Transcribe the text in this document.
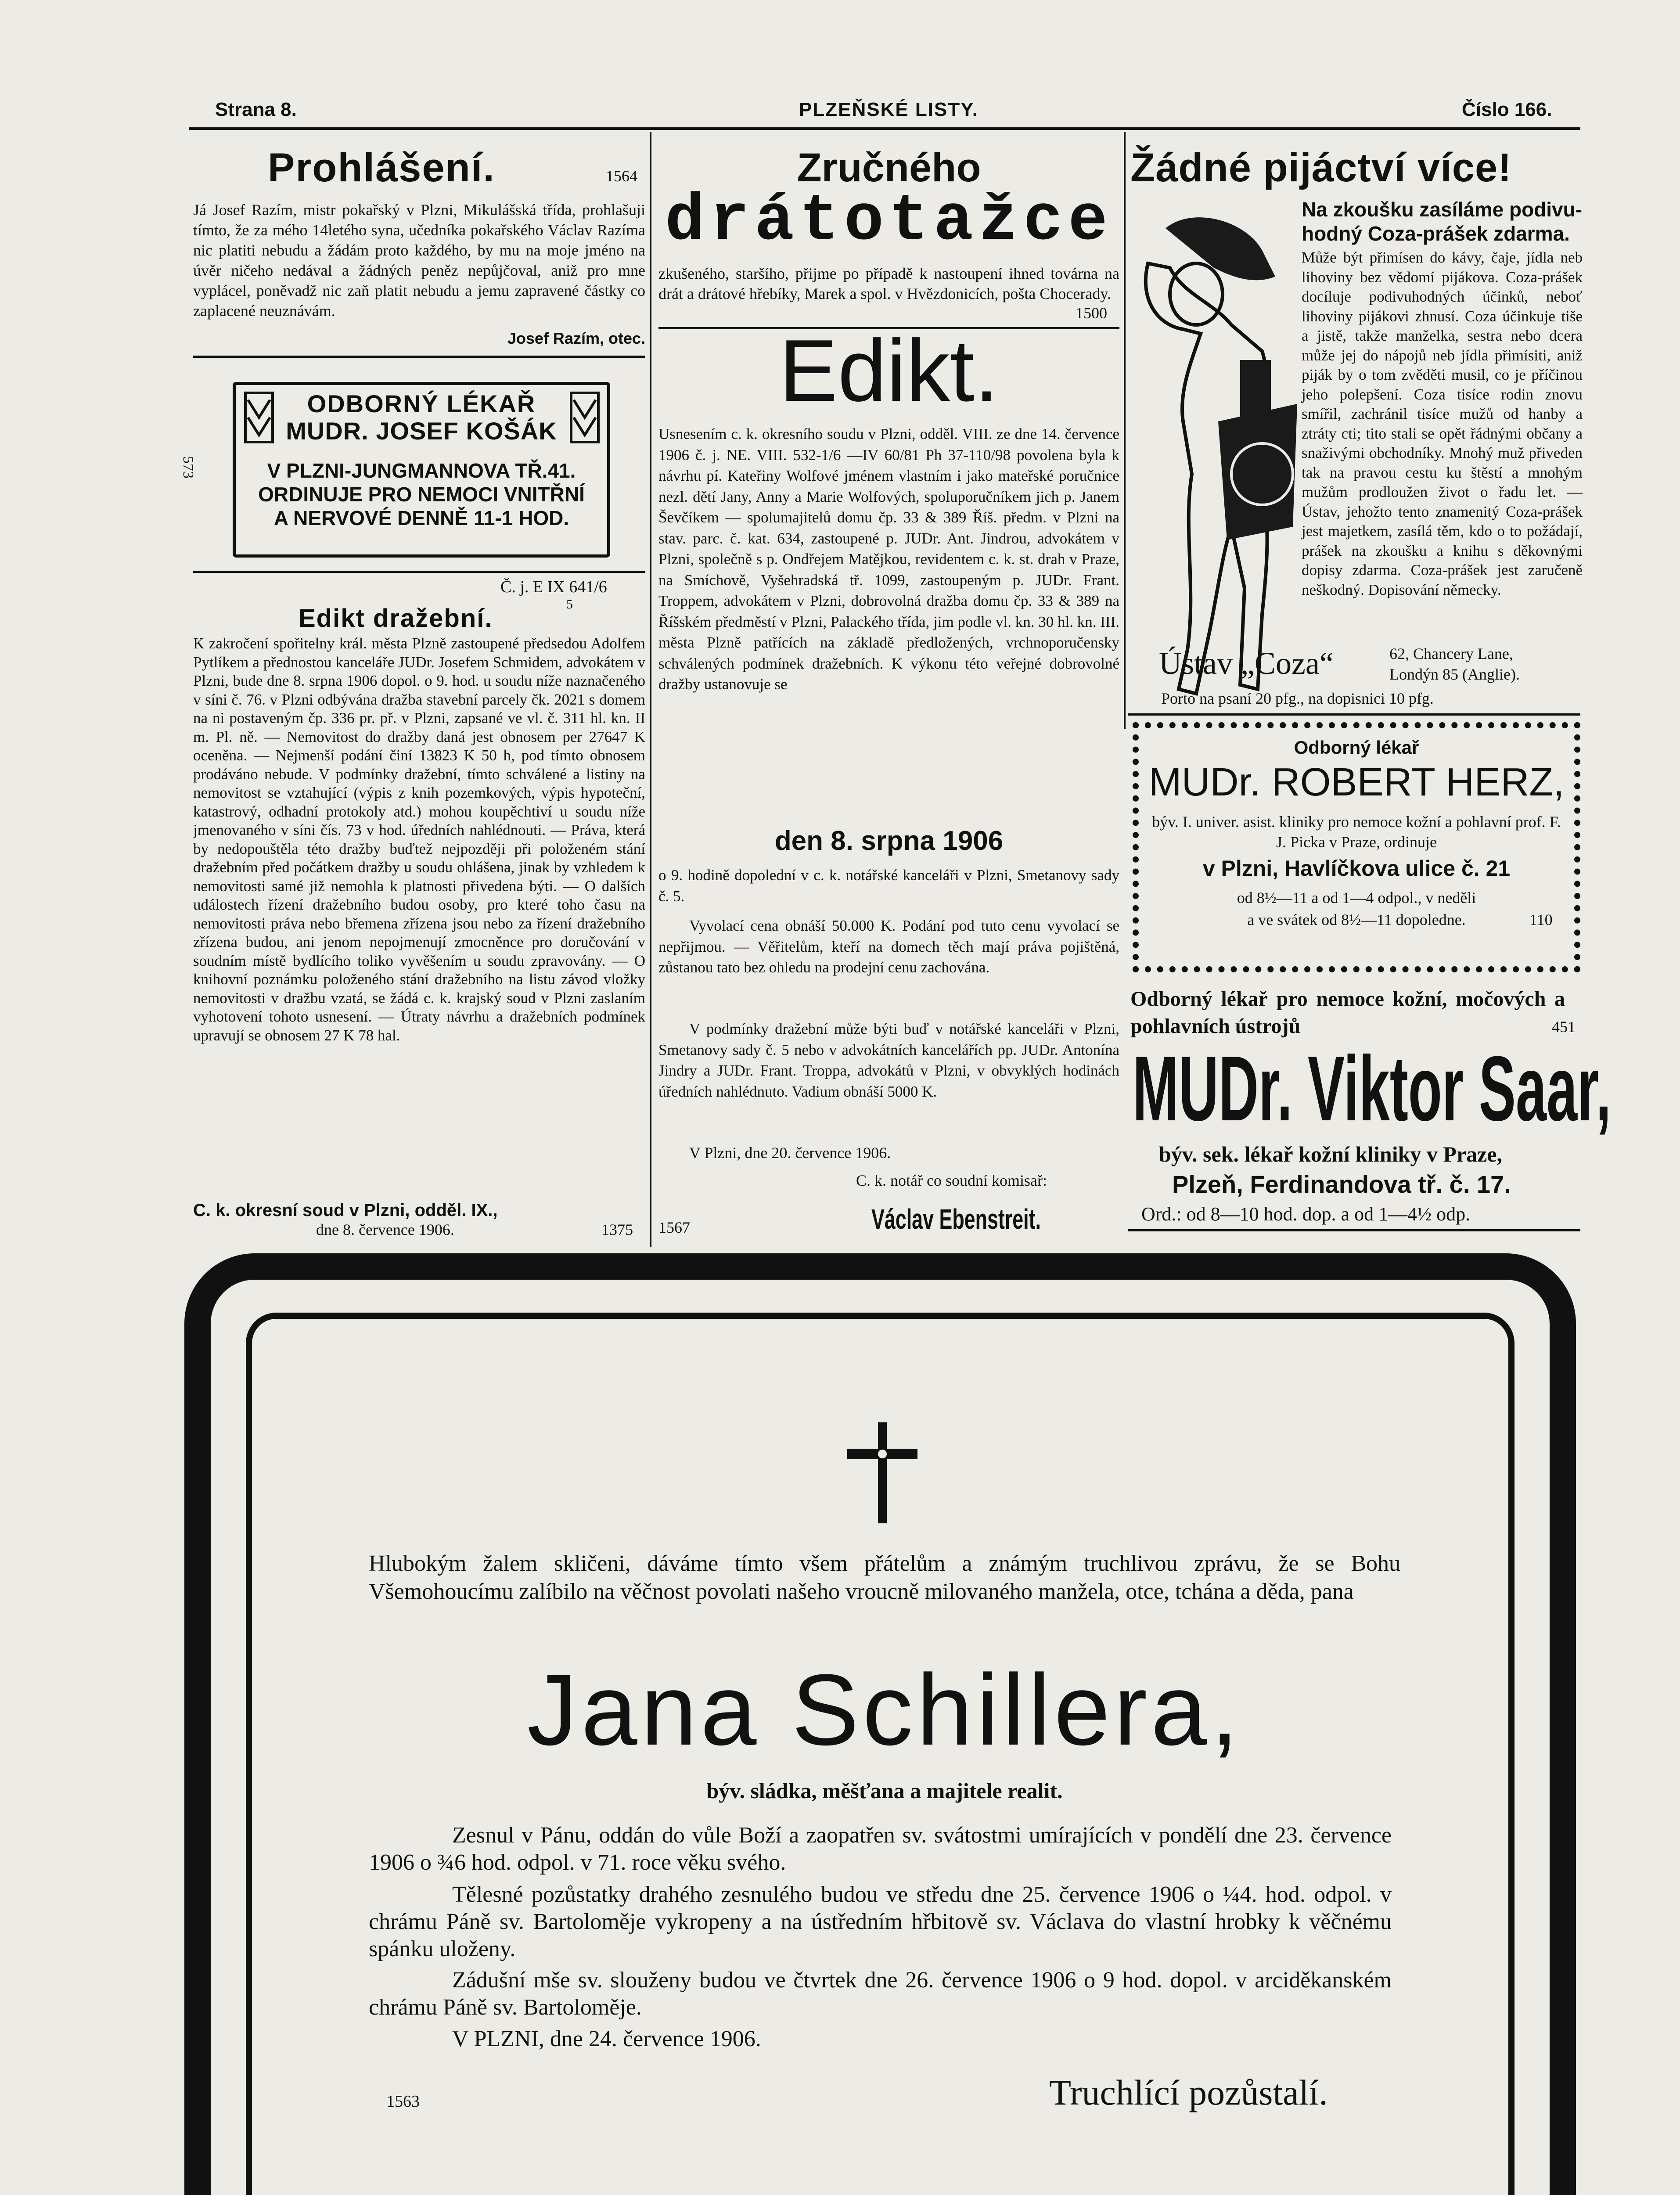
Strana 8.	PLZEŇSKÉ LISTY.	Číslo 166.
Prohlášení.	1564
Já Josef Razím, mistr pokařský v Plzni, Mikulášská třída, prohlašuji tímto, že za mého 14letého syna, učedníka pokařského Václav Razíma nic platiti nebudu a žádám proto každého, by mu na moje jméno na úvěr ničeho nedával a žádných peněz nepůjčoval, aniž pro mne vyplácel, poněvadž nic zaň platit nebudu a jemu zapravené částky co zaplacené neuznávám.
Josef Razím, otec.
573
ODBORNÝ LÉKAŘ
MUDR. JOSEF KOŠÁK
V PLZNI-JUNGMANNOVA TŘ.41.
ORDINUJE PRO NEMOCI VNITŘNÍ
A NERVOVÉ DENNĚ 11-1 HOD.
Č. j. E IX 641/6
5
Edikt dražební.
K zakročení spořitelny král. města Plzně zastoupené předsedou Adolfem Pytlíkem a přednostou kanceláře JUDr. Josefem Schmidem, advokátem v Plzni, bude dne 8. srpna 1906 dopol. o 9. hod. u soudu níže naznačeného v síni č. 76. v Plzni odbývána dražba stavební parcely čk. 2021 s domem na ni postaveným čp. 336 pr. př. v Plzni, zapsané ve vl. č. 311 hl. kn. II m. Pl. ně. — Nemovitost do dražby daná jest obnosem per 27647 K oceněna. — Nejmenší podání činí 13823 K 50 h, pod tímto obnosem prodáváno nebude. V podmínky dražební, tímto schválené a listiny na nemovitost se vztahující (výpis z knih pozemkových, výpis hypoteční, katastrový, odhadní protokoly atd.) mohou koupěchtiví u soudu níže jmenovaného v síni čís. 73 v hod. úředních nahlédnouti. — Práva, která by nedopouštěla této dražby buďtež nejpozději při položeném stání dražebním před počátkem dražby u soudu ohlášena, jinak by vzhledem k nemovitosti samé již nemohla k platnosti přivedena býti. — O dalších událostech řízení dražebního budou osoby, pro které toho času na nemovitosti práva nebo břemena zřízena jsou nebo za řízení dražebního zřízena budou, ani jenom nepojmenují zmocněnce pro doručování v soudním místě bydlícího toliko vyvěšením u soudu zpravovány. — O knihovní poznámku položeného stání dražebního na listu závod vložky nemovitosti v dražbu vzatá, se žádá c. k. krajský soud v Plzni zaslaním vyhotovení tohoto usnesení. — Útraty návrhu a dražebních podmínek upravují se obnosem 27 K 78 hal.
C. k. okresní soud v Plzni, odděl. IX.,
dne 8. července 1906.	1375
Zručného
drátotažce
zkušeného, staršího, přijme po případě k nastoupení ihned továrna na drát a drátové hřebíky, Marek a spol. v Hvězdonicích, pošta Chocerady.
1500
Edikt.
Usnesením c. k. okresního soudu v Plzni, odděl. VIII. ze dne 14. července 1906 č. j. NE. VIII. 532-1/6 —IV 60/81 Ph 37-110/98 povolena byla k návrhu pí. Kateřiny Wolfové jménem vlastním i jako mateřské poručnice nezl. dětí Jany, Anny a Marie Wolfových, spoluporučníkem jich p. Janem Ševčíkem — spolumajitelů domu čp. 33 & 389 Říš. předm. v Plzni na stav. parc. č. kat. 634, zastoupené p. JUDr. Ant. Jindrou, advokátem v Plzni, společně s p. Ondřejem Matějkou, revidentem c. k. st. drah v Praze, na Smíchově, Vyšehradská tř. 1099, zastoupeným p. JUDr. Frant. Troppem, advokátem v Plzni, dobrovolná dražba domu čp. 33 & 389 na Říšském předměstí v Plzni, Palackého třída, jim podle vl. kn. 30 hl. kn. III. města Plzně patřících na základě předložených, vrchnoporučensky schválených podmínek dražebních. K výkonu této veřejné dobrovolné dražby ustanovuje se
den 8. srpna 1906
o 9. hodině dopolední v c. k. notářské kanceláři v Plzni, Smetanovy sady č. 5.
Vyvolací cena obnáší 50.000 K. Podání pod tuto cenu vyvolací se nepřijmou. — Věřitelům, kteří na domech těch mají práva pojištěná, zůstanou tato bez ohledu na prodejní cenu zachována.
V podmínky dražební může býti buď v notářské kanceláři v Plzni, Smetanovy sady č. 5 nebo v advokátních kancelářích pp. JUDr. Antonína Jindry a JUDr. Frant. Troppa, advokátů v Plzni, v obvyklých hodinách úředních nahlédnuto. Vadium obnáší 5000 K.
V Plzni, dne 20. července 1906.
C. k. notář co soudní komisař:
1567	Václav Ebenstreit.
Žádné pijáctví více!
Na zkoušku zasíláme podivu-
hodný Coza-prášek zdarma.
Může být přimísen do kávy, čaje, jídla neb lihoviny bez vědomí pijákova. Coza-prášek docíluje podivuhodných účinků, neboť lihoviny pijákovi zhnusí. Coza účinkuje tiše a jistě, takže manželka, sestra nebo dcera může jej do nápojů neb jídla přimísiti, aniž piják by o tom zvěděti musil, co je příčinou jeho polepšení. Coza tisíce rodin znovu smířil, zachránil tisíce mužů od hanby a ztráty cti; tito stali se opět řádnými občany a snaživými obchodníky. Mnohý muž přiveden tak na pravou cestu ku štěstí a mnohým mužům prodloužen život o řadu let. — Ústav, jehožto tento znamenitý Coza-prášek jest majetkem, zasílá těm, kdo o to požádají, prášek na zkoušku a knihu s děkovnými dopisy zdarma. Coza-prášek jest zaručeně neškodný. Dopisování německy.
Ústav „Coza“	62, Chancery Lane,
Londýn 85 (Anglie).
Porto na psaní 20 pfg., na dopisnici 10 pfg.
Odborný lékař
MUDr. ROBERT HERZ,
býv. I. univer. asist. kliniky pro nemoce kožní a pohlavní prof. F. J. Picka v Praze, ordinuje
v Plzni, Havlíčkova ulice č. 21
od 8½—11 a od 1—4 odpol., v neděli
a ve svátek od 8½—11 dopoledne.	110
Odborný lékař pro nemoce kožní, močových a pohlavních ústrojů	451
MUDr. Viktor Saar,
býv. sek. lékař kožní kliniky v Praze,
Plzeň, Ferdinandova tř. č. 17.
Ord.: od 8—10 hod. dop. a od 1—4½ odp.
Hlubokým žalem skličeni, dáváme tímto všem přátelům a známým truchlivou zprávu, že se Bohu Všemohoucímu zalíbilo na věčnost povolati našeho vroucně milovaného manžela, otce, tchána a děda, pana
Jana Schillera,
býv. sládka, měšťana a majitele realit.
Zesnul v Pánu, oddán do vůle Boží a zaopatřen sv. svátostmi umírajících v pondělí dne 23. července 1906 o ¾6 hod. odpol. v 71. roce věku svého.
Tělesné pozůstatky drahého zesnulého budou ve středu dne 25. července 1906 o ¼4. hod. odpol. v chrámu Páně sv. Bartoloměje vykropeny a na ústředním hřbitově sv. Václava do vlastní hrobky k věčnému spánku uloženy.
Zádušní mše sv. slouženy budou ve čtvrtek dne 26. července 1906 o 9 hod. dopol. v arciděkanském chrámu Páně sv. Bartoloměje.
V PLZNI, dne 24. července 1906.
1563	Truchlící pozůstalí.
